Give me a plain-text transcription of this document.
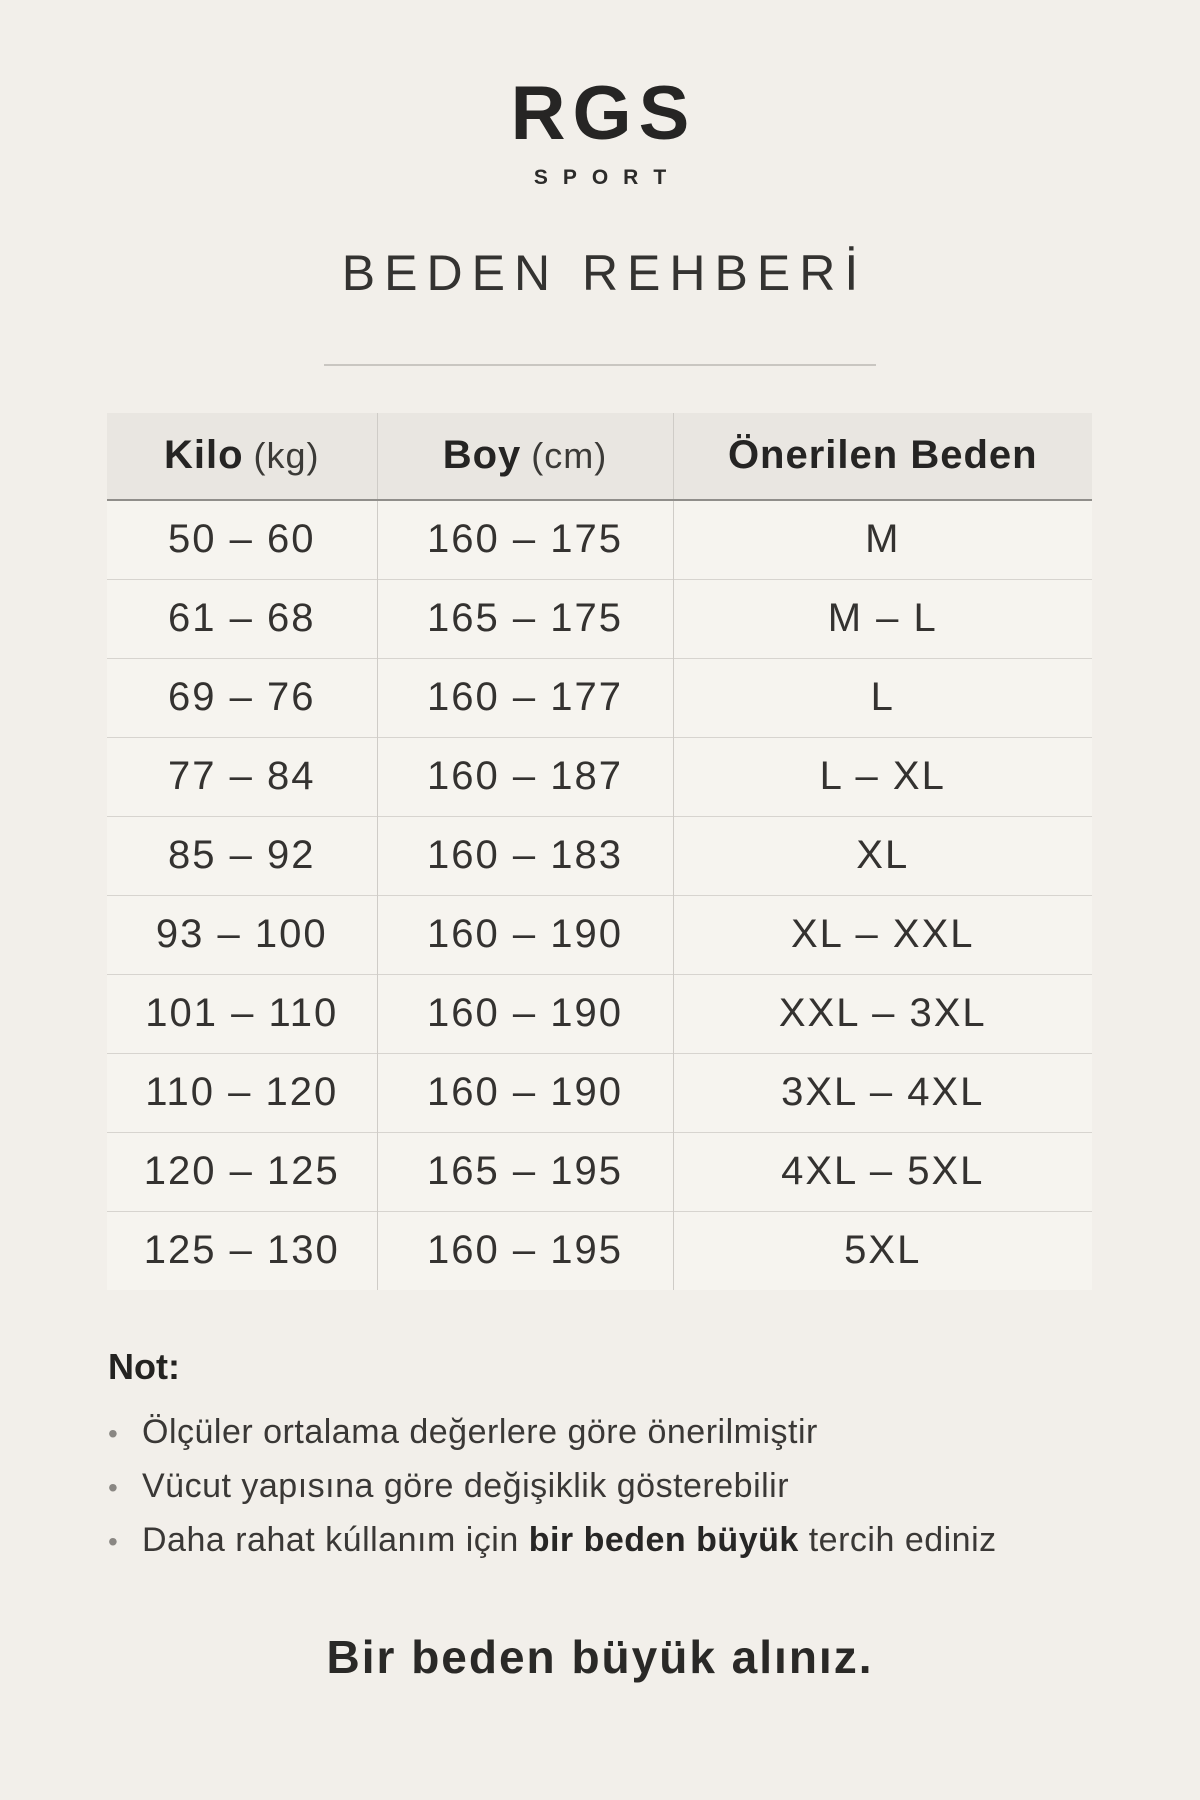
RGS
SPORT
BEDEN REHBERİ
Kilo (kg)	Boy (cm)	Önerilen Beden
50 – 60	160 – 175	M
61 – 68	165 – 175	M – L
69 – 76	160 – 177	L
77 – 84	160 – 187	L – XL
85 – 92	160 – 183	XL
93 – 100	160 – 190	XL – XXL
101 – 110	160 – 190	XXL – 3XL
110 – 120	160 – 190	3XL – 4XL
120 – 125	165 – 195	4XL – 5XL
125 – 130	160 – 195	5XL
Not:
• Ölçüler ortalama değerlere göre önerilmiştir
• Vücut yapısına göre değişiklik gösterebilir
• Daha rahat kúllanım için bir beden büyük tercih ediniz
Bir beden büyük alınız.
